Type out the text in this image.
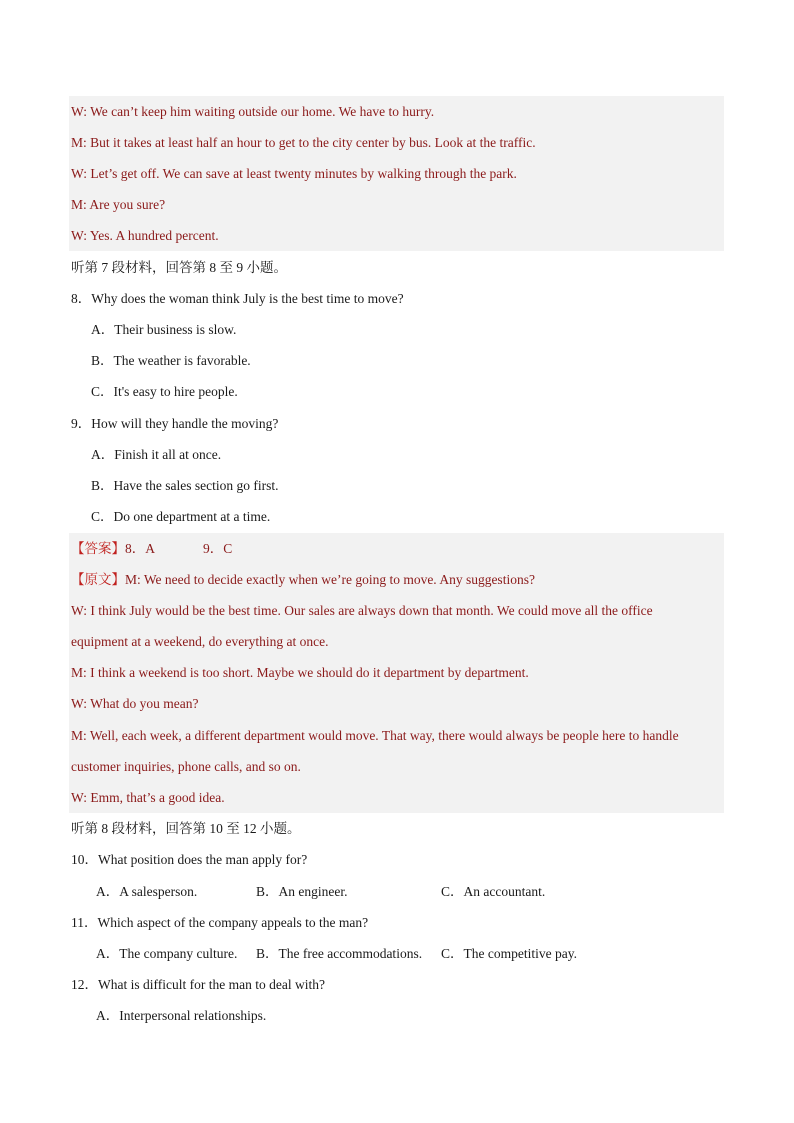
W: We can’t keep him waiting outside our home. We have to hurry.
M: But it takes at least half an hour to get to the city center by bus. Look at the traffic.
W: Let’s get off. We can save at least twenty minutes by walking through the park.
M: Are you sure?
W: Yes. A hundred percent.
听第 7 段材料，回答第 8 至 9 小题。
8．Why does the woman think July is the best time to move?
A．Their business is slow.
B．The weather is favorable.
C．It's easy to hire people.
9．How will they handle the moving?
A．Finish it all at once.
B．Have the sales section go first.
C．Do one department at a time.
【答案】8．A	9．C
【原文】M: We need to decide exactly when we’re going to move. Any suggestions?
W: I think July would be the best time. Our sales are always down that month. We could move all the office
equipment at a weekend, do everything at once.
M: I think a weekend is too short. Maybe we should do it department by department.
W: What do you mean?
M: Well, each week, a different department would move. That way, there would always be people here to handle
customer inquiries, phone calls, and so on.
W: Emm, that’s a good idea.
听第 8 段材料，回答第 10 至 12 小题。
10．What position does the man apply for?
A．A salesperson.	B．An engineer.	C．An accountant.
11．Which aspect of the company appeals to the man?
A．The company culture. B．The free accommodations. C．The competitive pay.
12．What is difficult for the man to deal with?
A．Interpersonal relationships.
